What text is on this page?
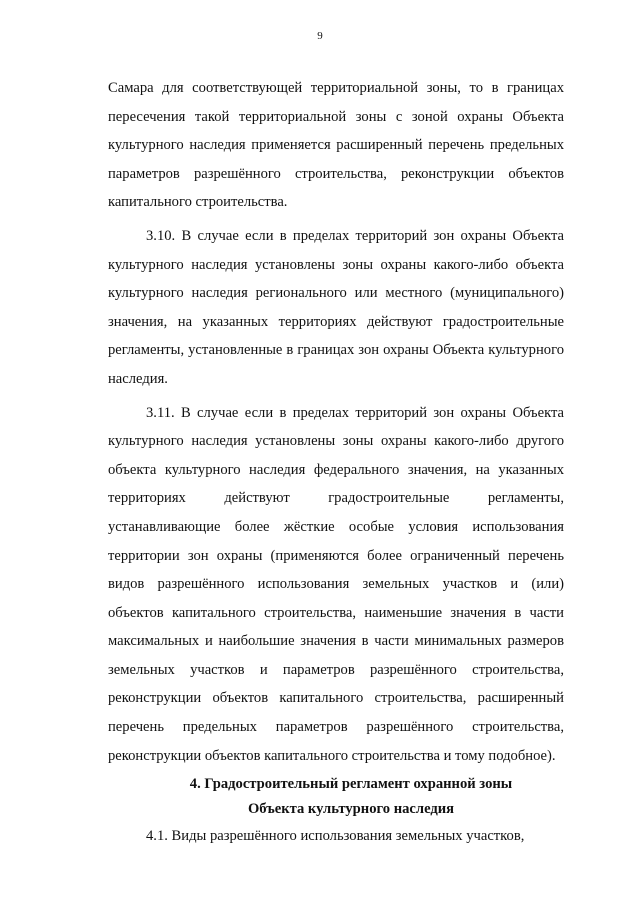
9

Самара для соответствующей территориальной зоны, то в границах пересечения такой территориальной зоны с зоной охраны Объекта культурного наследия применяется расширенный перечень предельных параметров разрешённого строительства, реконструкции объектов капитального строительства.

3.10. В случае если в пределах территорий зон охраны Объекта культурного наследия установлены зоны охраны какого-либо объекта культурного наследия регионального или местного (муниципального) значения, на указанных территориях действуют градостроительные регламенты, установленные в границах зон охраны Объекта культурного наследия.

3.11. В случае если в пределах территорий зон охраны Объекта культурного наследия установлены зоны охраны какого-либо другого объекта культурного наследия федерального значения, на указанных территориях действуют градостроительные регламенты, устанавливающие более жёсткие особые условия использования территории зон охраны (применяются более ограниченный перечень видов разрешённого использования земельных участков и (или) объектов капитального строительства, наименьшие значения в части максимальных и наибольшие значения в части минимальных размеров земельных участков и параметров разрешённого строительства, реконструкции объектов капитального строительства, расширенный перечень предельных параметров разрешённого строительства, реконструкции объектов капитального строительства и тому подобное).

4. Градостроительный регламент охранной зоны
Объекта культурного наследия

4.1. Виды разрешённого использования земельных участков,
